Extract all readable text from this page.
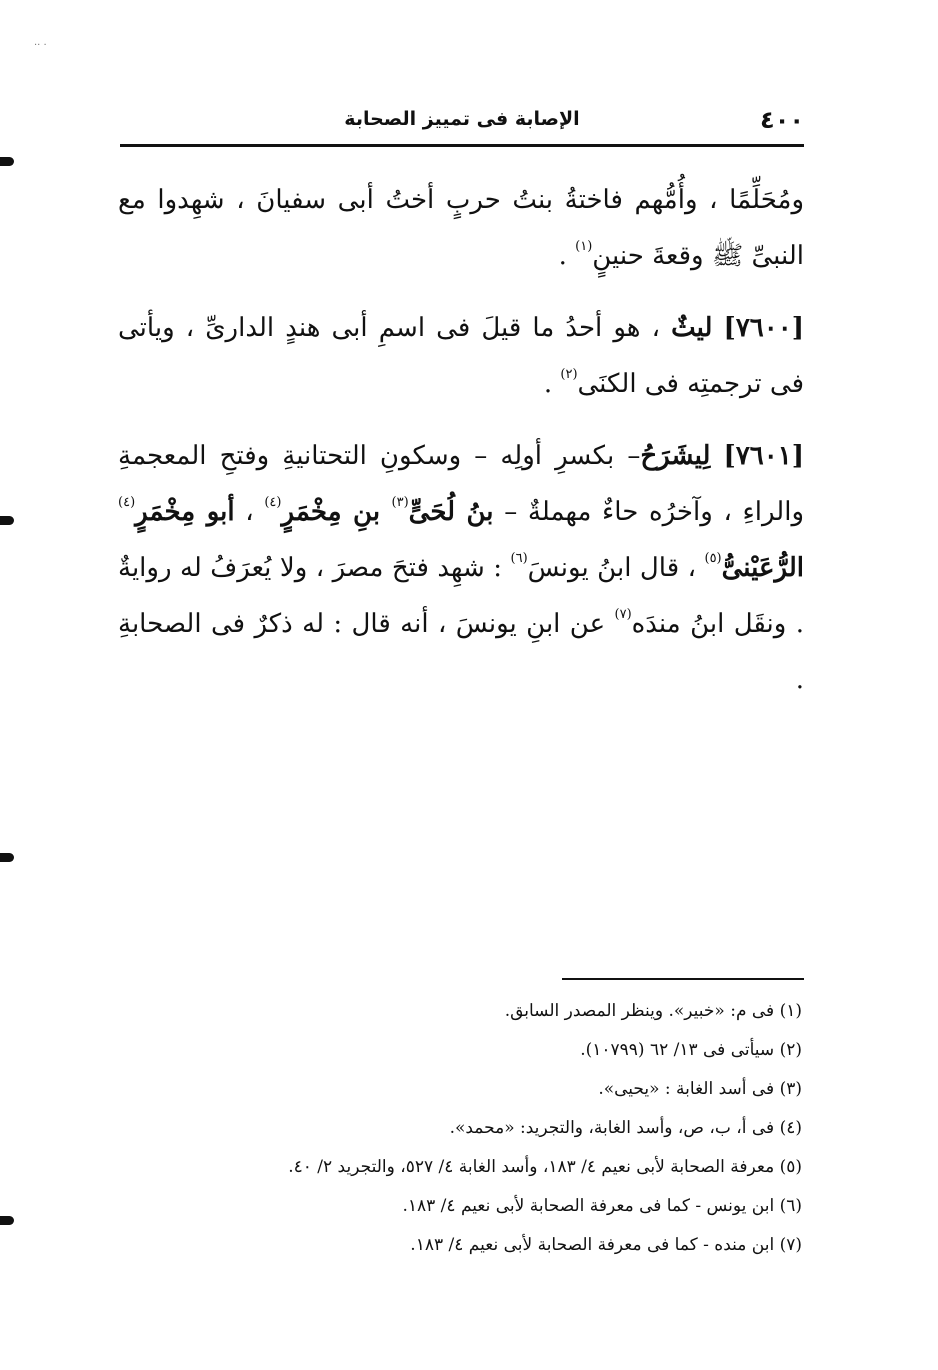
·· ·
٤٠٠
الإصابة فى تمييز الصحابة

ومُحَلِّمًا ، وأُمُّهم فاختةُ بنتُ حربٍ أختُ أبى سفيانَ ، شهِدوا مع النبىِّ ﷺ وقعةَ حنينٍ$^{(١)}$ .

[٧٦٠٠] ليثٌ ، هو أحدُ ما قيلَ فى اسمِ أبى هندٍ الدارىِّ ، ويأتى فى ترجمتِه فى الكنَى$^{(٢)}$ .

[٧٦٠١] لِيشَرَحُ– بكسرِ أولِه – وسكونِ التحتانيةِ وفتحِ المعجمةِ والراءِ ، وآخرُه حاءٌ مهملةٌ – بنُ لُحَىٍّ$^{(٣)}$ بنِ مِخْمَرٍ$^{(٤)}$ ، أبو مِخْمَرٍ$^{(٤)}$ الرُّعَيْنىُّ$^{(٥)}$ ، قال ابنُ يونسَ$^{(٦)}$ : شهِد فتحَ مصرَ ، ولا يُعرَفُ له روايةٌ . ونقَل ابنُ مندَه$^{(٧)}$ عن ابنِ يونسَ ، أنه قال : له ذكرٌ فى الصحابةِ .

(١) فى م: «خبير». وينظر المصدر السابق.
(٢) سيأتى فى ١٣/ ٦٢ (١٠٧٩٩).
(٣) فى أسد الغابة : «يحيى».
(٤) فى أ، ب، ص، وأسد الغابة، والتجريد: «محمد».
(٥) معرفة الصحابة لأبى نعيم ٤/ ١٨٣، وأسد الغابة ٤/ ٥٢٧، والتجريد ٢/ ٤٠.
(٦) ابن يونس - كما فى معرفة الصحابة لأبى نعيم ٤/ ١٨٣.
(٧) ابن منده - كما فى معرفة الصحابة لأبى نعيم ٤/ ١٨٣.
